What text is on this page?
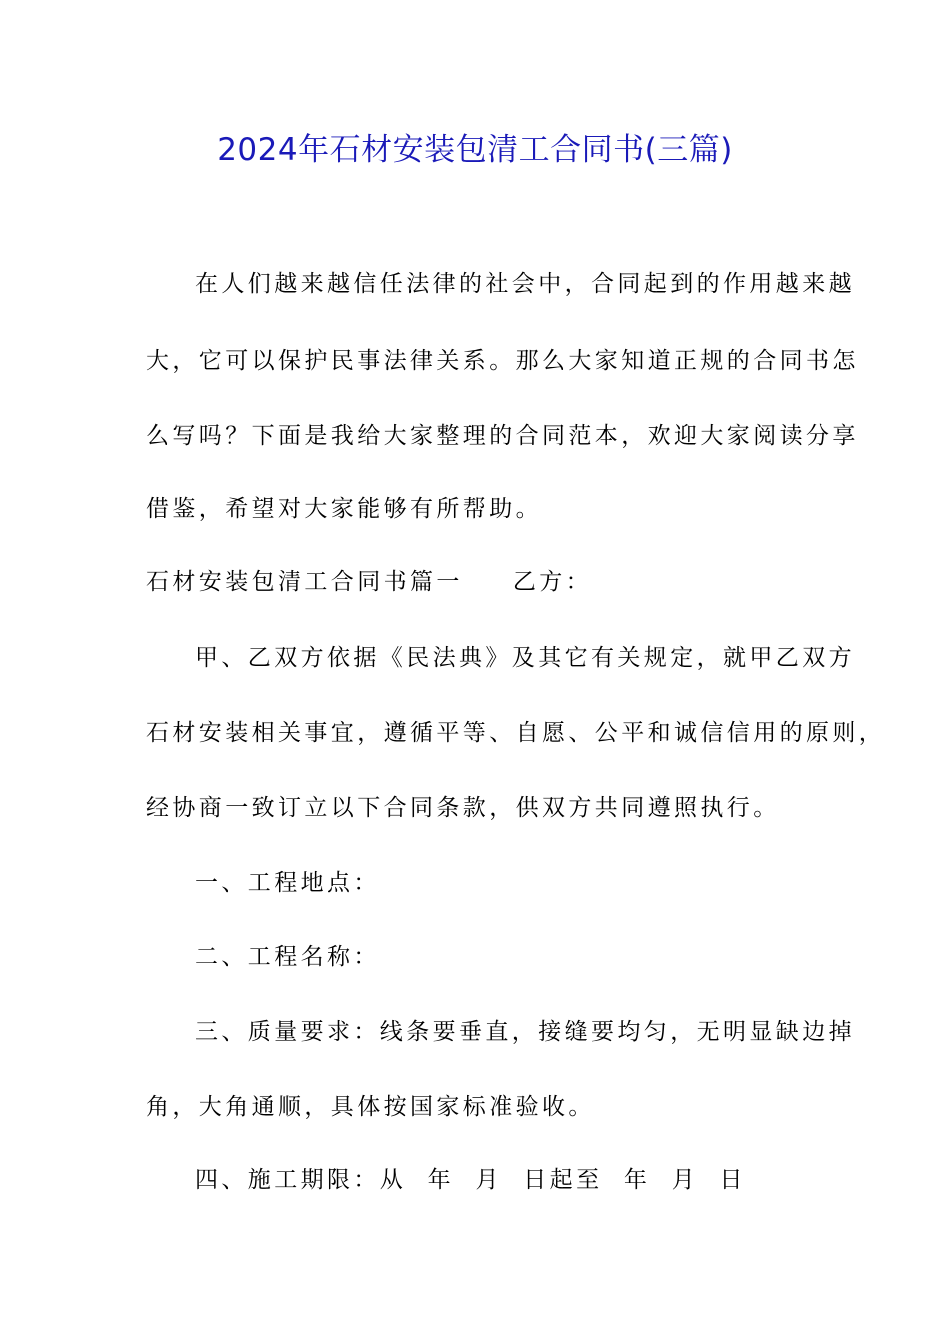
2024年石材安装包清工合同书(三篇)
在人们越来越信任法律的社会中，合同起到的作用越来越
大，它可以保护民事法律关系。那么大家知道正规的合同书怎
么写吗？下面是我给大家整理的合同范本，欢迎大家阅读分享
借鉴，希望对大家能够有所帮助。
石材安装包清工合同书篇一 乙方：
甲、乙双方依据《民法典》及其它有关规定，就甲乙双方
石材安装相关事宜，遵循平等、自愿、公平和诚信信用的原则，
经协商一致订立以下合同条款，供双方共同遵照执行。
一、工程地点：
二、工程名称：
三、质量要求：线条要垂直，接缝要均匀，无明显缺边掉
角，大角通顺，具体按国家标准验收。
四、施工期限：从  年  月  日起至  年  月  日
